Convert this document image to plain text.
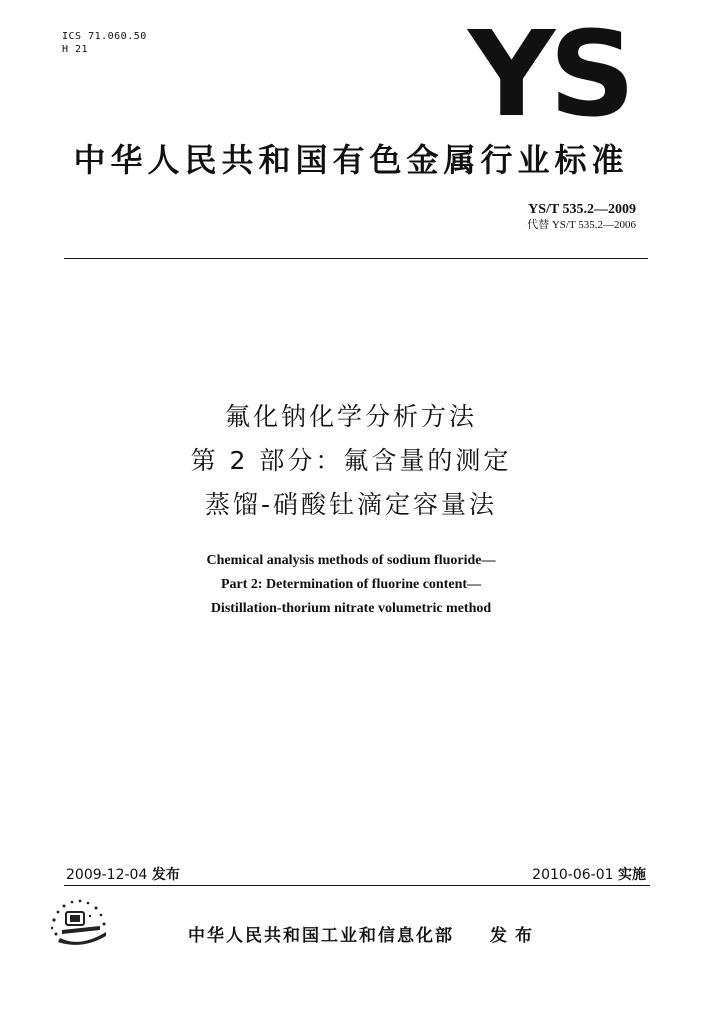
ICS 71.060.50
H 21	YS
中华人民共和国有色金属行业标准
YS/T 535.2—2009
代替 YS/T 535.2—2006
氟化钠化学分析方法
第 2 部分：氟含量的测定
蒸馏-硝酸钍滴定容量法
Chemical analysis methods of sodium fluoride—
Part 2: Determination of fluorine content—
Distillation-thorium nitrate volumetric method
2009-12-04 发布	2010-06-01 实施
中华人民共和国工业和信息化部 发布
